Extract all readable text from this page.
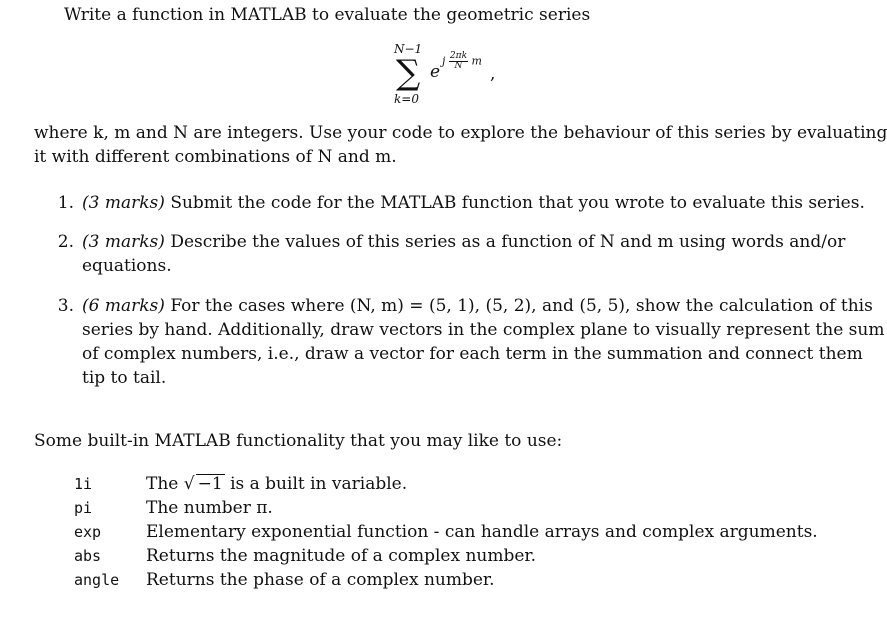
Write a function in MATLAB to evaluate the geometric series
N−1
∑
k=0
e
j $\frac{2\pi k}{N}$ m
,
where k, m and N are integers. Use your code to explore the behaviour of this series by evaluating
it with different combinations of N and m.
1. (3 marks) Submit the code for the MATLAB function that you wrote to evaluate this series.
2. (3 marks) Describe the values of this series as a function of N and m using words and/or
equations.
3. (6 marks) For the cases where (N, m) = (5, 1), (5, 2), and (5, 5), show the calculation of this
series by hand. Additionally, draw vectors in the complex plane to visually represent the sum
of complex numbers, i.e., draw a vector for each term in the summation and connect them
tip to tail.
Some built-in MATLAB functionality that you may like to use:
1i	The √ −1 is a built in variable.
pi	The number π.
exp	Elementary exponential function - can handle arrays and complex arguments.
abs	Returns the magnitude of a complex number.
angle Returns the phase of a complex number.
